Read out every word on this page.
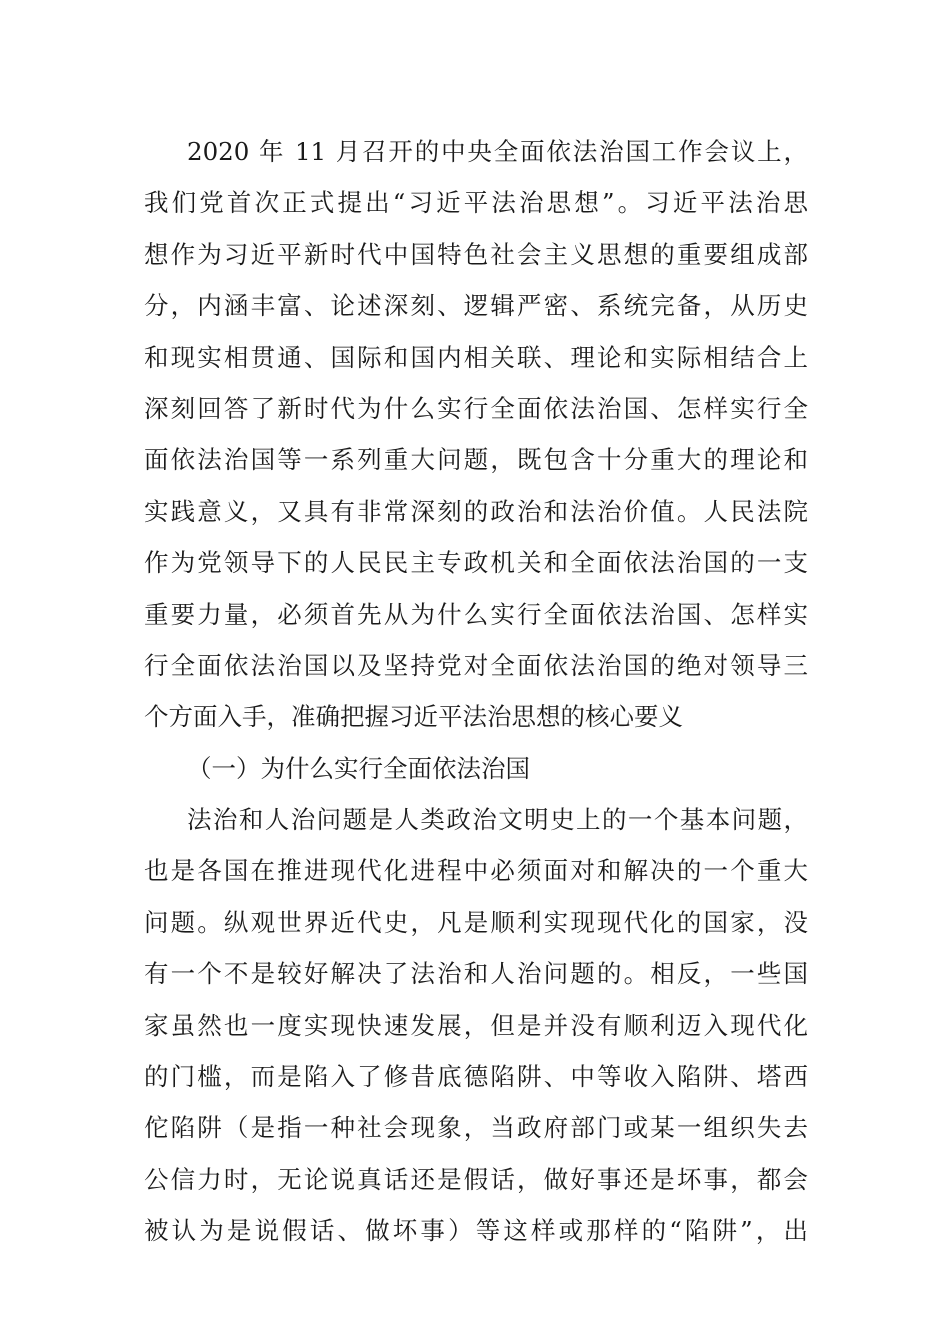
2020 年 11 月召开的中央全面依法治国工作会议上，
我们党首次正式提出“习近平法治思想”。习近平法治思
想作为习近平新时代中国特色社会主义思想的重要组成部
分，内涵丰富、论述深刻、逻辑严密、系统完备，从历史
和现实相贯通、国际和国内相关联、理论和实际相结合上
深刻回答了新时代为什么实行全面依法治国、怎样实行全
面依法治国等一系列重大问题，既包含十分重大的理论和
实践意义，又具有非常深刻的政治和法治价值。人民法院
作为党领导下的人民民主专政机关和全面依法治国的一支
重要力量，必须首先从为什么实行全面依法治国、怎样实
行全面依法治国以及坚持党对全面依法治国的绝对领导三
个方面入手，准确把握习近平法治思想的核心要义
（一）为什么实行全面依法治国
法治和人治问题是人类政治文明史上的一个基本问题，
也是各国在推进现代化进程中必须面对和解决的一个重大
问题。纵观世界近代史，凡是顺利实现现代化的国家，没
有一个不是较好解决了法治和人治问题的。相反，一些国
家虽然也一度实现快速发展，但是并没有顺利迈入现代化
的门槛，而是陷入了修昔底德陷阱、中等收入陷阱、塔西
佗陷阱（是指一种社会现象，当政府部门或某一组织失去
公信力时，无论说真话还是假话，做好事还是坏事，都会
被认为是说假话、做坏事）等这样或那样的“陷阱”，出
